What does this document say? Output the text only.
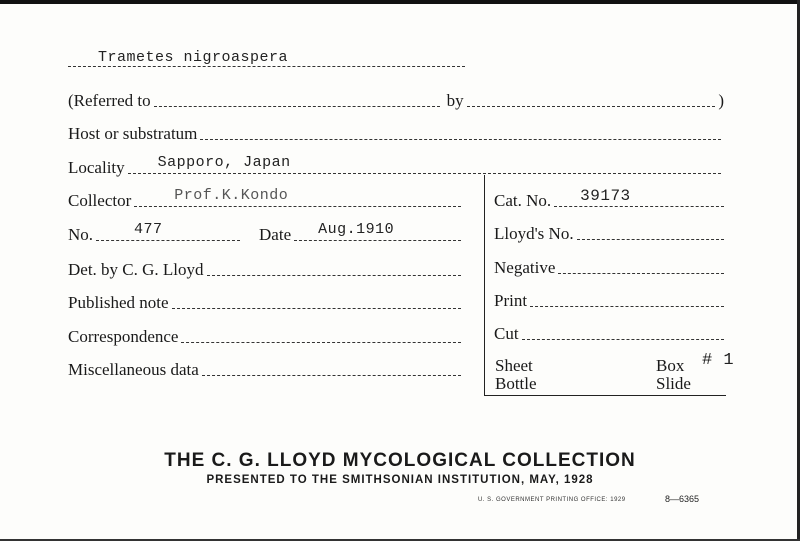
Trametes nigroaspera
(Referred to	by	)
Host or substratum
Locality Sapporo, Japan
Collector	Prof.K.Kondo
No.	477	Date Aug.1910
Det. by C. G. Lloyd
Published note
Correspondence
Miscellaneous data
Cat. No. 39173
Lloyd's No.
Negative
Print
Cut
Sheet
Bottle
Box # 1
Slide
THE C. G. LLOYD MYCOLOGICAL COLLECTION
PRESENTED TO THE SMITHSONIAN INSTITUTION, MAY, 1928
U. S. GOVERNMENT PRINTING OFFICE: 1929	8—6365
